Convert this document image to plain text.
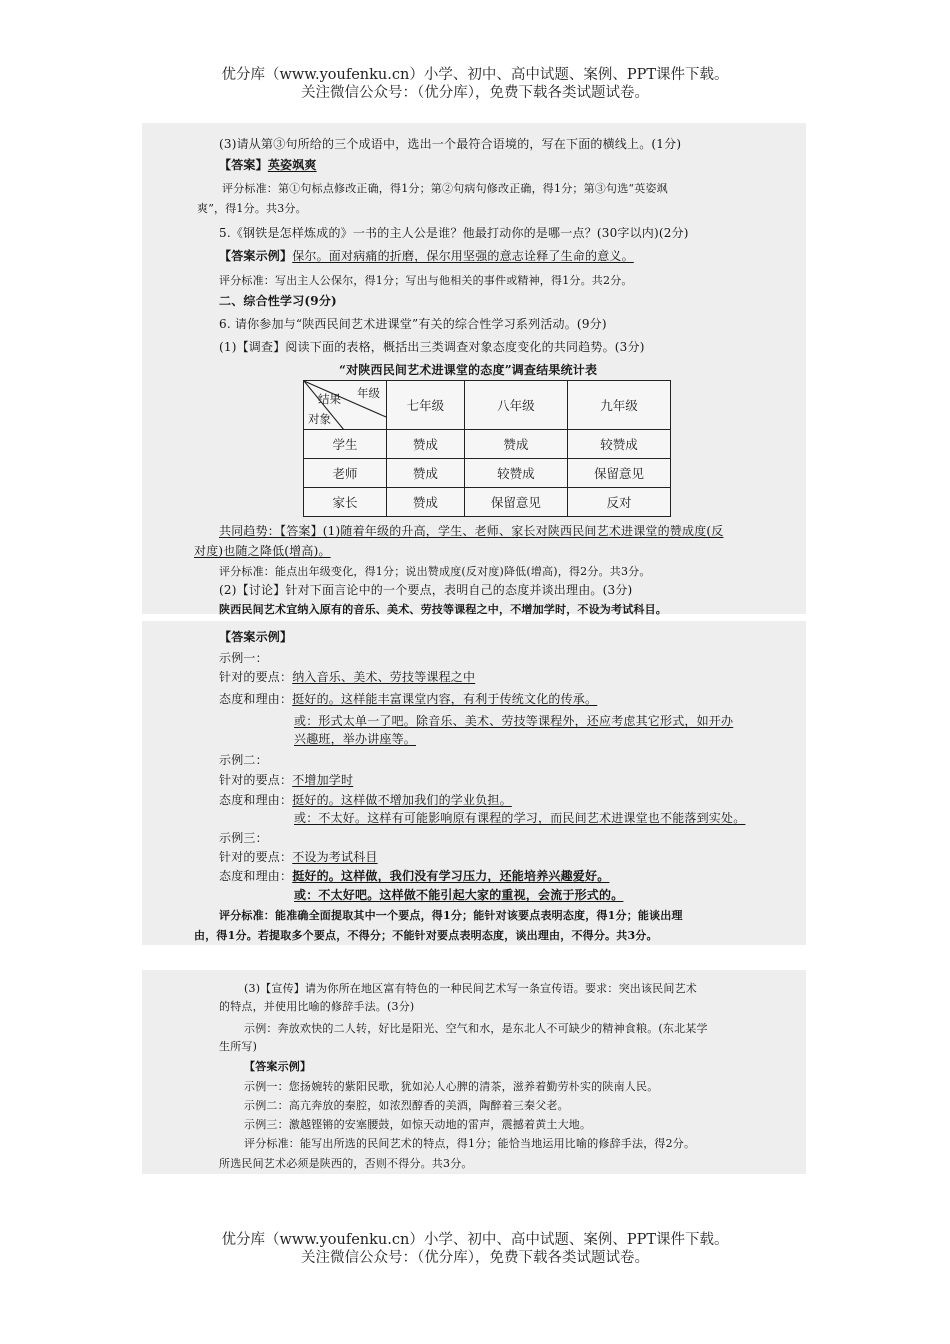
优分库（www.youfenku.cn）小学、初中、高中试题、案例、PPT课件下载。
关注微信公众号：（优分库），免费下载各类试题试卷。
(3)请从第③句所给的三个成语中，选出一个最符合语境的，写在下面的横线上。(1分)
【答案】英姿飒爽
评分标准：第①句标点修改正确，得1分；第②句病句修改正确，得1分；第③句选“英姿飒
爽”，得1分。共3分。
5.《钢铁是怎样炼成的》一书的主人公是谁？他最打动你的是哪一点？(30字以内)(2分)
【答案示例】保尔。面对病痛的折磨，保尔用坚强的意志诠释了生命的意义。
评分标准：写出主人公保尔，得1分；写出与他相关的事件或精神，得1分。共2分。
二、综合性学习(9分)
6. 请你参加与“陕西民间艺术进课堂”有关的综合性学习系列活动。(9分)
(1)【调查】阅读下面的表格，概括出三类调查对象态度变化的共同趋势。(3分)
“对陕西民间艺术进课堂的态度”调查结果统计表
年级
结果
对象	七年级	八年级	九年级
学生	赞成	赞成	较赞成
老师	赞成	较赞成	保留意见
家长	赞成	保留意见	反对
共同趋势：【答案】(1)随着年级的升高，学生、老师、家长对陕西民间艺术进课堂的赞成度(反
对度)也随之降低(增高)。
评分标准：能点出年级变化，得1分；说出赞成度(反对度)降低(增高)，得2分。共3分。
(2)【讨论】针对下面言论中的一个要点，表明自己的态度并谈出理由。(3分)
陕西民间艺术宜纳入原有的音乐、美术、劳技等课程之中，不增加学时，不设为考试科目。
【答案示例】
示例一：
针对的要点：纳入音乐、美术、劳技等课程之中
态度和理由：挺好的。这样能丰富课堂内容，有利于传统文化的传承。
或：形式太单一了吧。除音乐、美术、劳技等课程外，还应考虑其它形式，如开办
兴趣班，举办讲座等。
示例二：
针对的要点：不增加学时
态度和理由：挺好的。这样做不增加我们的学业负担。
或：不太好。这样有可能影响原有课程的学习，而民间艺术进课堂也不能落到实处。
示例三：
针对的要点：不设为考试科目
态度和理由：挺好的。这样做，我们没有学习压力，还能培养兴趣爱好。
或：不太好吧。这样做不能引起大家的重视，会流于形式的。
评分标准：能准确全面提取其中一个要点，得1分；能针对该要点表明态度，得1分；能谈出理
由，得1分。若提取多个要点，不得分；不能针对要点表明态度，谈出理由，不得分。共3分。
(3)【宣传】请为你所在地区富有特色的一种民间艺术写一条宣传语。要求：突出该民间艺术
的特点，并使用比喻的修辞手法。(3分)
示例：奔放欢快的二人转，好比是阳光、空气和水，是东北人不可缺少的精神食粮。(东北某学
生所写)
【答案示例】
示例一：您扬婉转的紫阳民歌，犹如沁人心脾的清茶，滋养着勤劳朴实的陕南人民。
示例二：高亢奔放的秦腔，如浓烈醇香的美酒，陶醉着三秦父老。
示例三：激越铿锵的安塞腰鼓，如惊天动地的雷声，震撼着黄土大地。
评分标准：能写出所选的民间艺术的特点，得1分；能恰当地运用比喻的修辞手法，得2分。
所选民间艺术必须是陕西的，否则不得分。共3分。
优分库（www.youfenku.cn）小学、初中、高中试题、案例、PPT课件下载。
关注微信公众号：（优分库），免费下载各类试题试卷。
